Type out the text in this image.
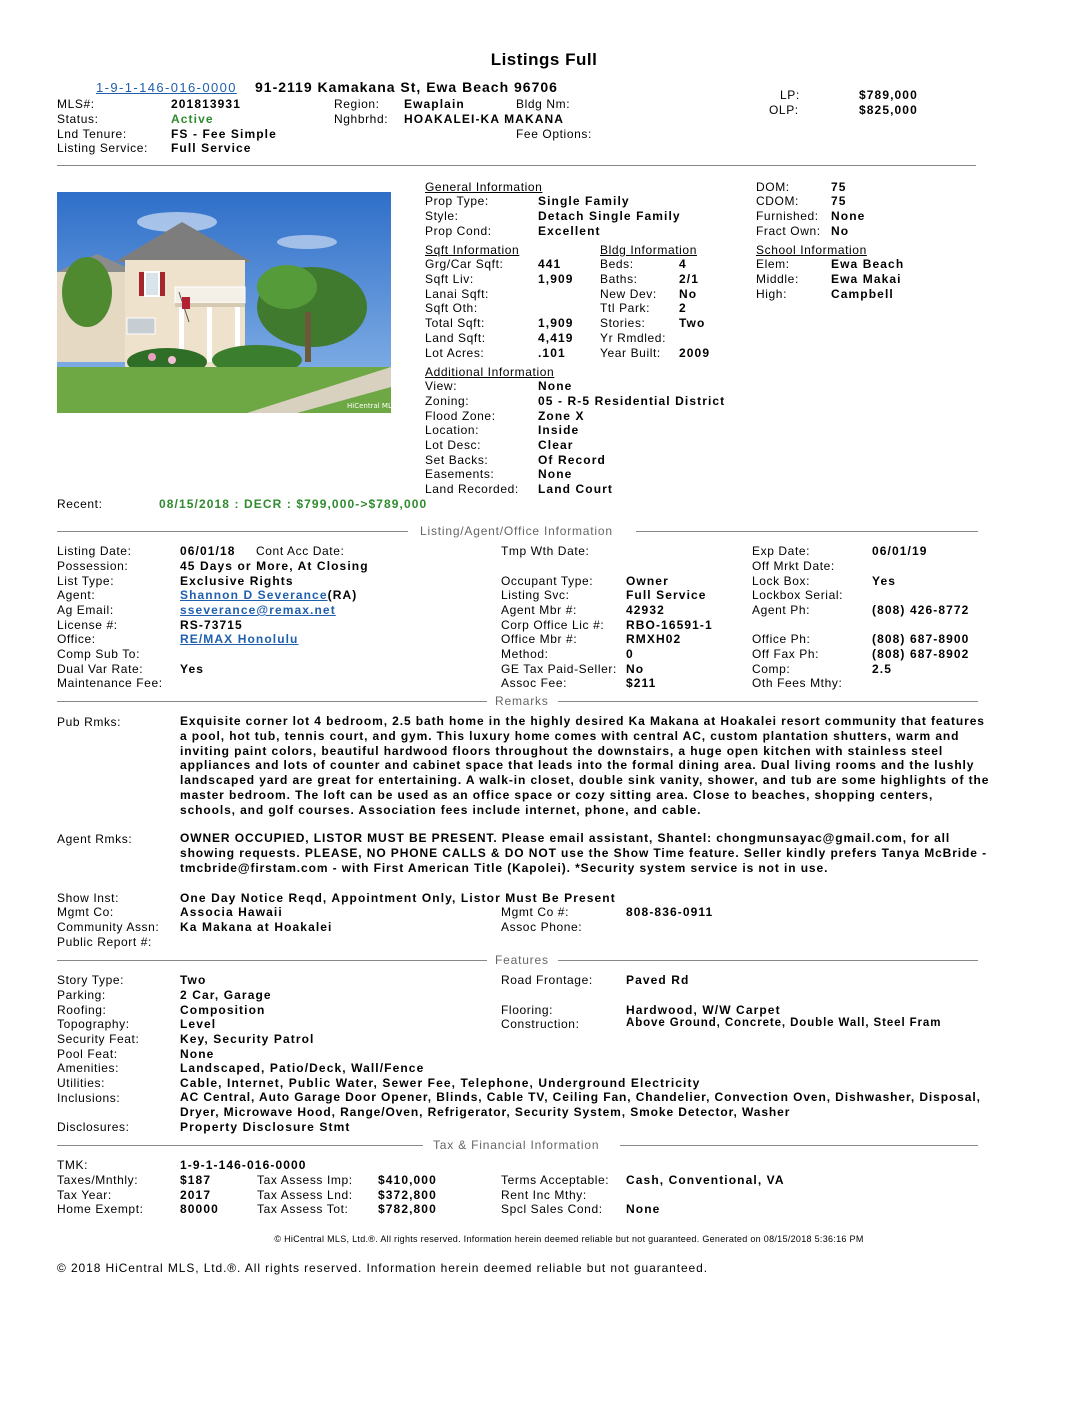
Listings Full
1-9-1-146-016-0000 91-2119 Kamakana St, Ewa Beach 96706
MLS#:	201813931
Status:	Active
Lnd Tenure:	FS - Fee Simple
Listing Service: Full Service
Region: Ewaplain
Nghbrhd: HOAKALEI-KA MAKANA
Bldg Nm:
Fee Options:
LP:	$789,000
OLP:	$825,000
HiCentral MLS
General Information
Prop Type:	Single Family
Style:	Detach Single Family
Prop Cond:	Excellent
DOM:	75
CDOM:	75
Furnished: None
Fract Own: No
Sqft Information
Grg/Car Sqft:	441
Sqft Liv:	1,909
Lanai Sqft:
Sqft Oth:
Total Sqft:	1,909
Land Sqft:	4,419
Lot Acres:	.101
Bldg Information
Beds:	4
Baths:	2/1
New Dev: No
Ttl Park: 2
Stories:	Two
Yr Rmdled:
Year Built: 2009
School Information
Elem:	Ewa Beach
Middle:	Ewa Makai
High:	Campbell
Additional Information
View:	None
Zoning:	05 - R-5 Residential District
Flood Zone:	Zone X
Location:	Inside
Lot Desc:	Clear
Set Backs:	Of Record
Easements:	None
Land Recorded: Land Court
Recent:	08/15/2018 : DECR : $799,000->$789,000
Listing/Agent/Office Information
Listing Date:	06/01/18 Cont Acc Date:
Possession:	45 Days or More, At Closing
List Type:	Exclusive Rights
Agent:	Shannon D Severance(RA)
Ag Email:	sseverance@remax.net
License #:	RS-73715
Office:	RE/MAX Honolulu
Comp Sub To:
Dual Var Rate:	Yes
Maintenance Fee:
Tmp Wth Date:
Occupant Type:	Owner
Listing Svc:	Full Service
Agent Mbr #:	42932
Corp Office Lic #: RBO-16591-1
Office Mbr #:	RMXH02
Method:	0
GE Tax Paid-Seller: No
Assoc Fee:	$211
Exp Date:	06/01/19
Off Mrkt Date:
Lock Box:	Yes
Lockbox Serial:
Agent Ph:	(808) 426-8772
Office Ph:	(808) 687-8900
Off Fax Ph:	(808) 687-8902
Comp:	2.5
Oth Fees Mthy:
Remarks
Pub Rmks:	Exquisite corner lot 4 bedroom, 2.5 bath home in the highly desired Ka Makana at Hoakalei resort community that features a pool, hot tub, tennis court, and gym. This luxury home comes with central AC, custom plantation shutters, warm and inviting paint colors, beautiful hardwood floors throughout the downstairs, a huge open kitchen with stainless steel appliances and lots of counter and cabinet space that leads into the formal dining area. Dual living rooms and the lushly landscaped yard are great for entertaining. A walk-in closet, double sink vanity, shower, and tub are some highlights of the master bedroom. The loft can be used as an office space or cozy sitting area. Close to beaches, shopping centers, schools, and golf courses. Association fees include internet, phone, and cable.
Agent Rmks:	OWNER OCCUPIED, LISTOR MUST BE PRESENT. Please email assistant, Shantel: chongmunsayac@gmail.com, for all showing requests. PLEASE, NO PHONE CALLS & DO NOT use the Show Time feature. Seller kindly prefers Tanya McBride - tmcbride@firstam.com - with First American Title (Kapolei). *Security system service is not in use.
Show Inst:	One Day Notice Reqd, Appointment Only, Listor Must Be Present
Mgmt Co:	Associa Hawaii	Mgmt Co #:	808-836-0911
Community Assn: Ka Makana at Hoakalei	Assoc Phone:
Public Report #:
Features
Story Type:	Two	Road Frontage:	Paved Rd
Parking:	2 Car, Garage
Roofing:	Composition	Flooring:	Hardwood, W/W Carpet
Topography:	Level	Construction:	Above Ground, Concrete, Double Wall, Steel Fram
Security Feat:	Key, Security Patrol
Pool Feat:	None
Amenities:	Landscaped, Patio/Deck, Wall/Fence
Utilities:	Cable, Internet, Public Water, Sewer Fee, Telephone, Underground Electricity
Inclusions:	AC Central, Auto Garage Door Opener, Blinds, Cable TV, Ceiling Fan, Chandelier, Convection Oven, Dishwasher, Disposal, Dryer, Microwave Hood, Range/Oven, Refrigerator, Security System, Smoke Detector, Washer
Disclosures:	Property Disclosure Stmt
Tax & Financial Information
TMK:	1-9-1-146-016-0000
Taxes/Mnthly:	$187
Tax Year:	2017
Home Exempt:	80000
Tax Assess Imp: $410,000
Tax Assess Lnd: $372,800
Tax Assess Tot: $782,800
Terms Acceptable: Cash, Conventional, VA
Rent Inc Mthy:
Spcl Sales Cond: None
© HiCentral MLS, Ltd.®. All rights reserved. Information herein deemed reliable but not guaranteed. Generated on 08/15/2018 5:36:16 PM
© 2018 HiCentral MLS, Ltd.®. All rights reserved. Information herein deemed reliable but not guaranteed.
